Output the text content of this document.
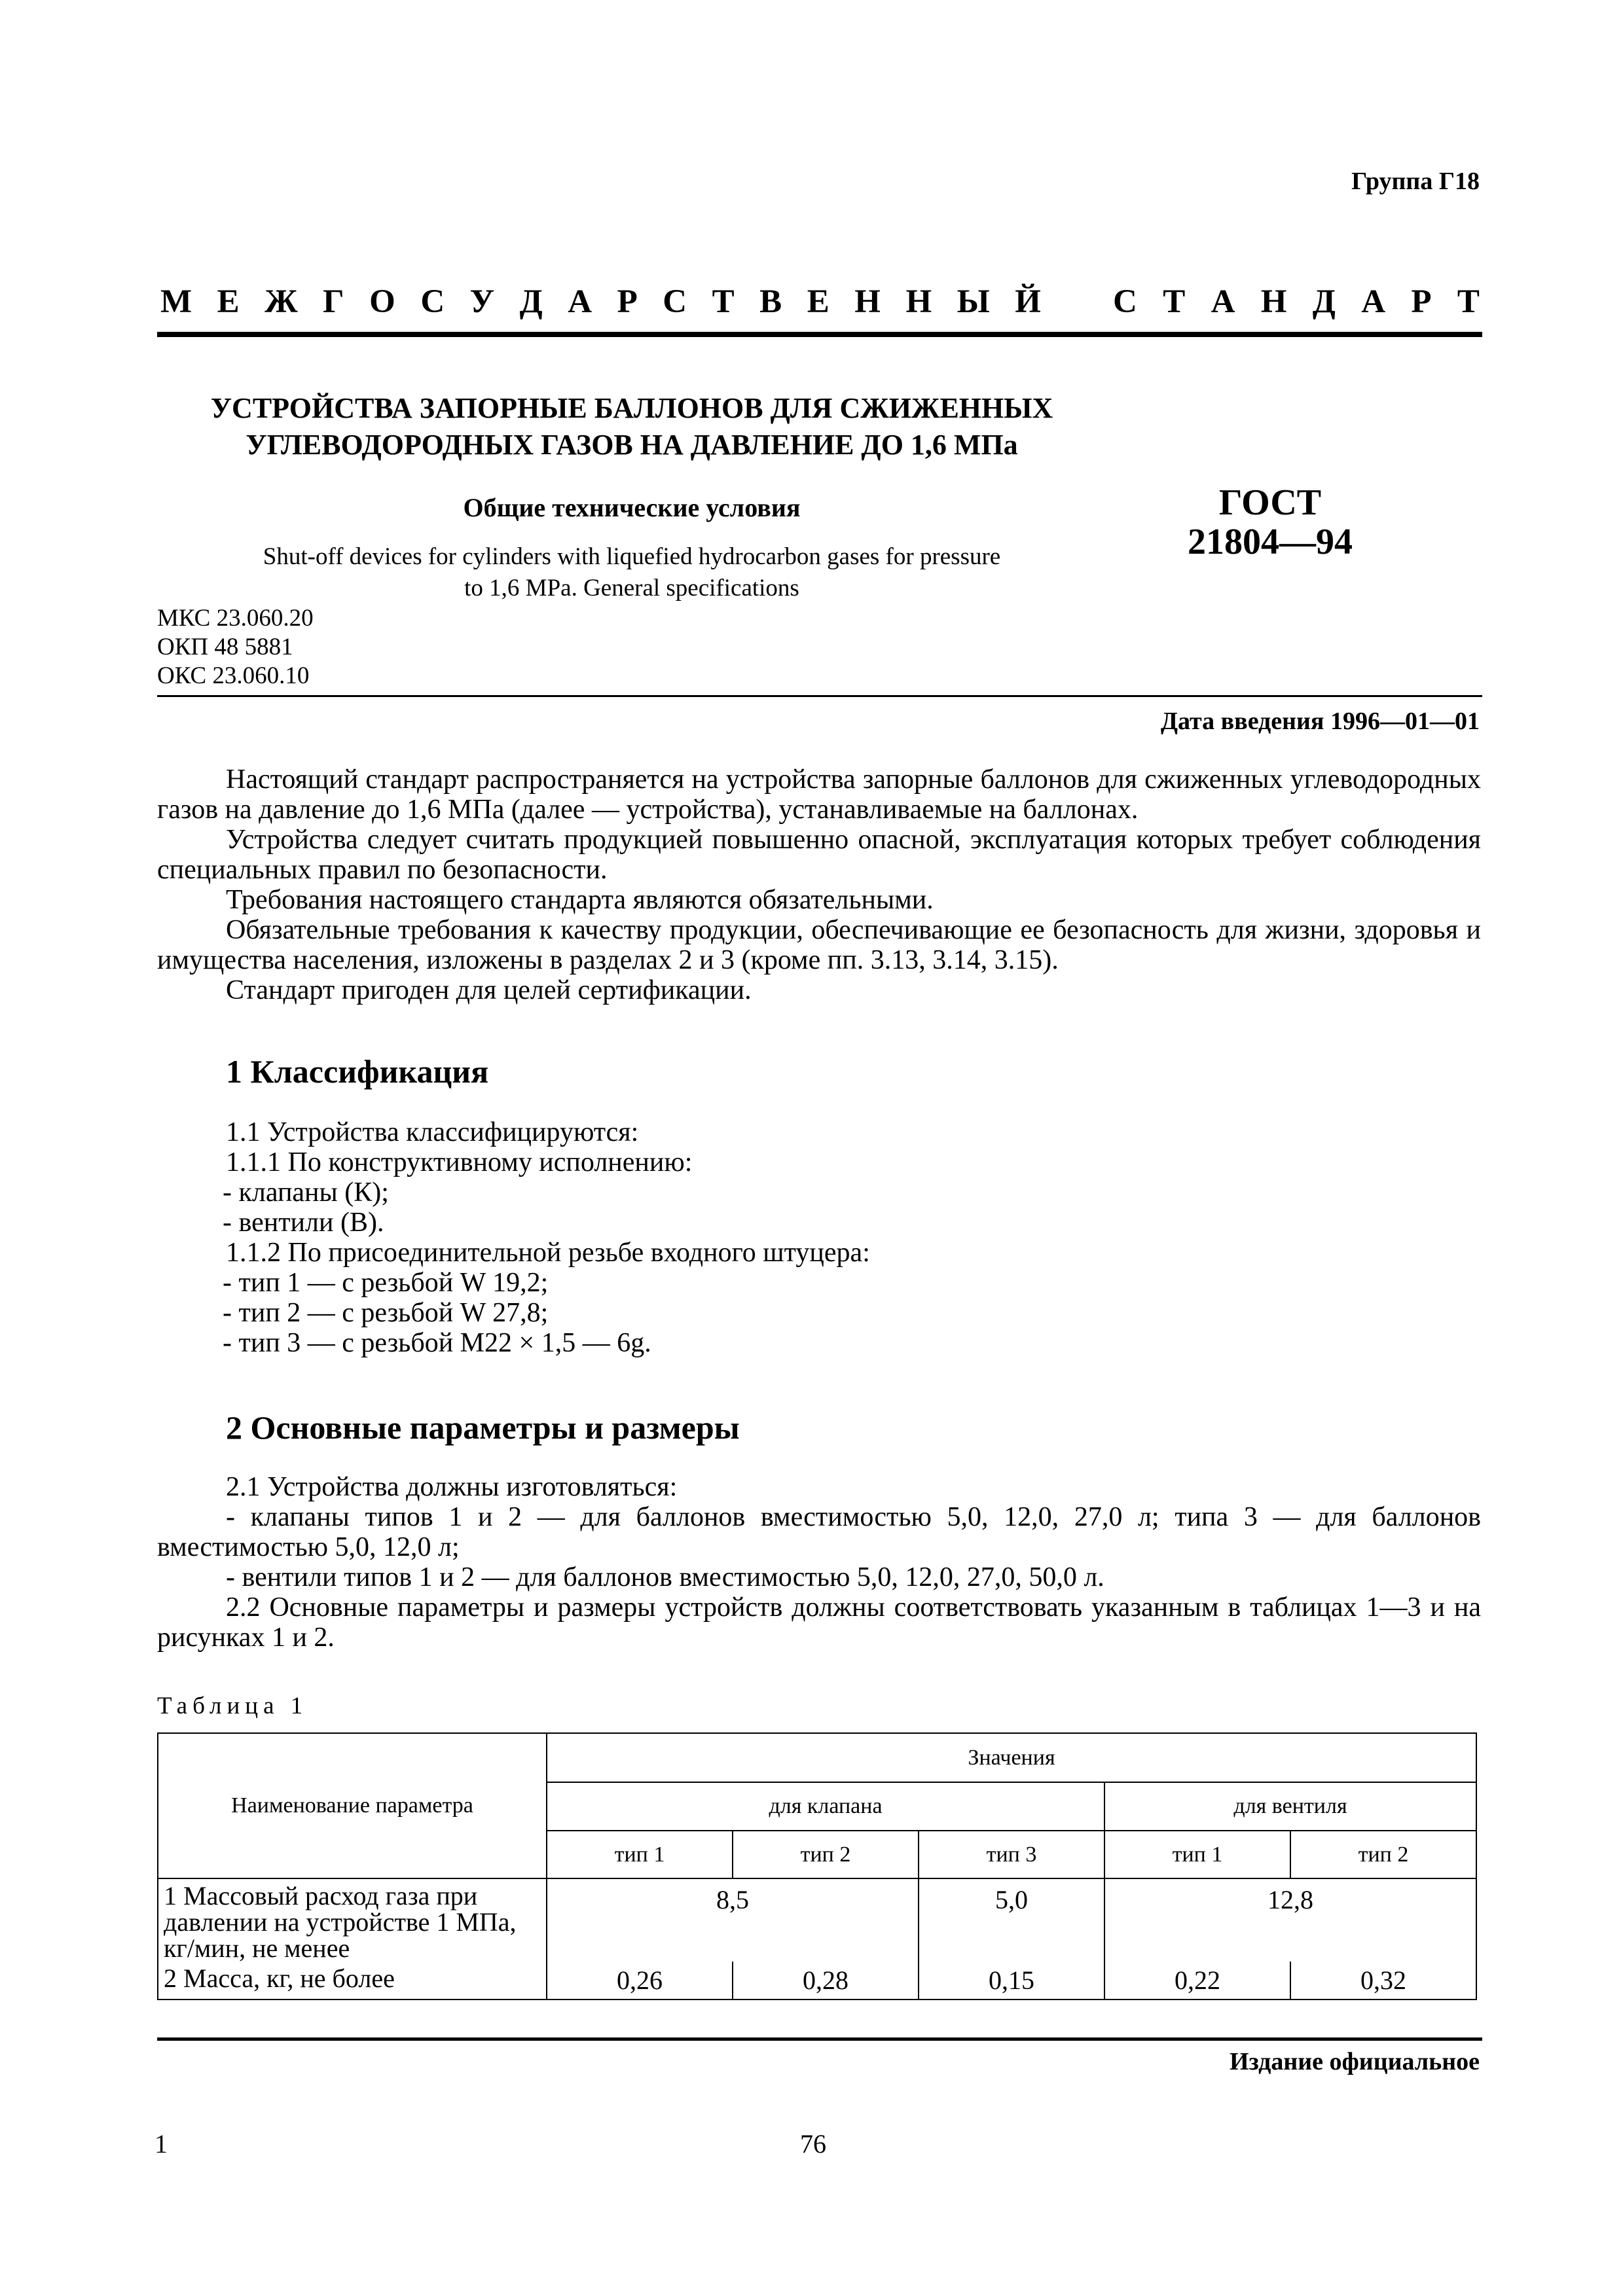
Группа Г18
М Е Ж Г О С У Д А Р С Т В Е Н Н Ы Й С Т А Н Д А Р Т
УСТРОЙСТВА ЗАПОРНЫЕ БАЛЛОНОВ ДЛЯ СЖИЖЕННЫХ
УГЛЕВОДОРОДНЫХ ГАЗОВ НА ДАВЛЕНИЕ ДО 1,6 МПа
Общие технические условия
Shut-off devices for cylinders with liquefied hydrocarbon gases for pressure
to 1,6 MPa. General specifications
ГОСТ
21804—94
МКС 23.060.20
ОКП 48 5881
ОКС 23.060.10
Дата введения 1996—01—01

Настоящий стандарт распространяется на устройства запорные баллонов для сжиженных углеводородных газов на давление до 1,6 МПа (далее — устройства), устанавливаемые на баллонах.

Устройства следует считать продукцией повышенно опасной, эксплуатация которых требует соблюдения специальных правил по безопасности.

Требования настоящего стандарта являются обязательными.

Обязательные требования к качеству продукции, обеспечивающие ее безопасность для жизни, здоровья и имущества населения, изложены в разделах 2 и 3 (кроме пп. 3.13, 3.14, 3.15).

Стандарт пригоден для целей сертификации.

1 Классификация
1.1 Устройства классифицируются:
1.1.1 По конструктивному исполнению:
- клапаны (К);
- вентили (В).
1.1.2 По присоединительной резьбе входного штуцера:
- тип 1 — с резьбой W 19,2;
- тип 2 — с резьбой W 27,8;
- тип 3 — с резьбой М22 × 1,5 — 6g.
2 Основные параметры и размеры

2.1 Устройства должны изготовляться:

- клапаны типов 1 и 2 — для баллонов вместимостью 5,0, 12,0, 27,0 л; типа 3 — для баллонов вместимостью 5,0, 12,0 л;

- вентили типов 1 и 2 — для баллонов вместимостью 5,0, 12,0, 27,0, 50,0 л.

2.2 Основные параметры и размеры устройств должны соответствовать указанным в таблицах 1—3 и на рисунках 1 и 2.

Таблица 1
Наименование параметра	Значения				
	для клапана			для вентиля	
	тип 1	тип 2	тип 3	тип 1	тип 2
1 Массовый расход газа при давлении на устройстве 1 МПа, кг/мин, не менее	8,5		5,0	12,8	
2 Масса, кг, не более	0,26	0,28	0,15	0,22	0,32
Издание официальное
1	76
